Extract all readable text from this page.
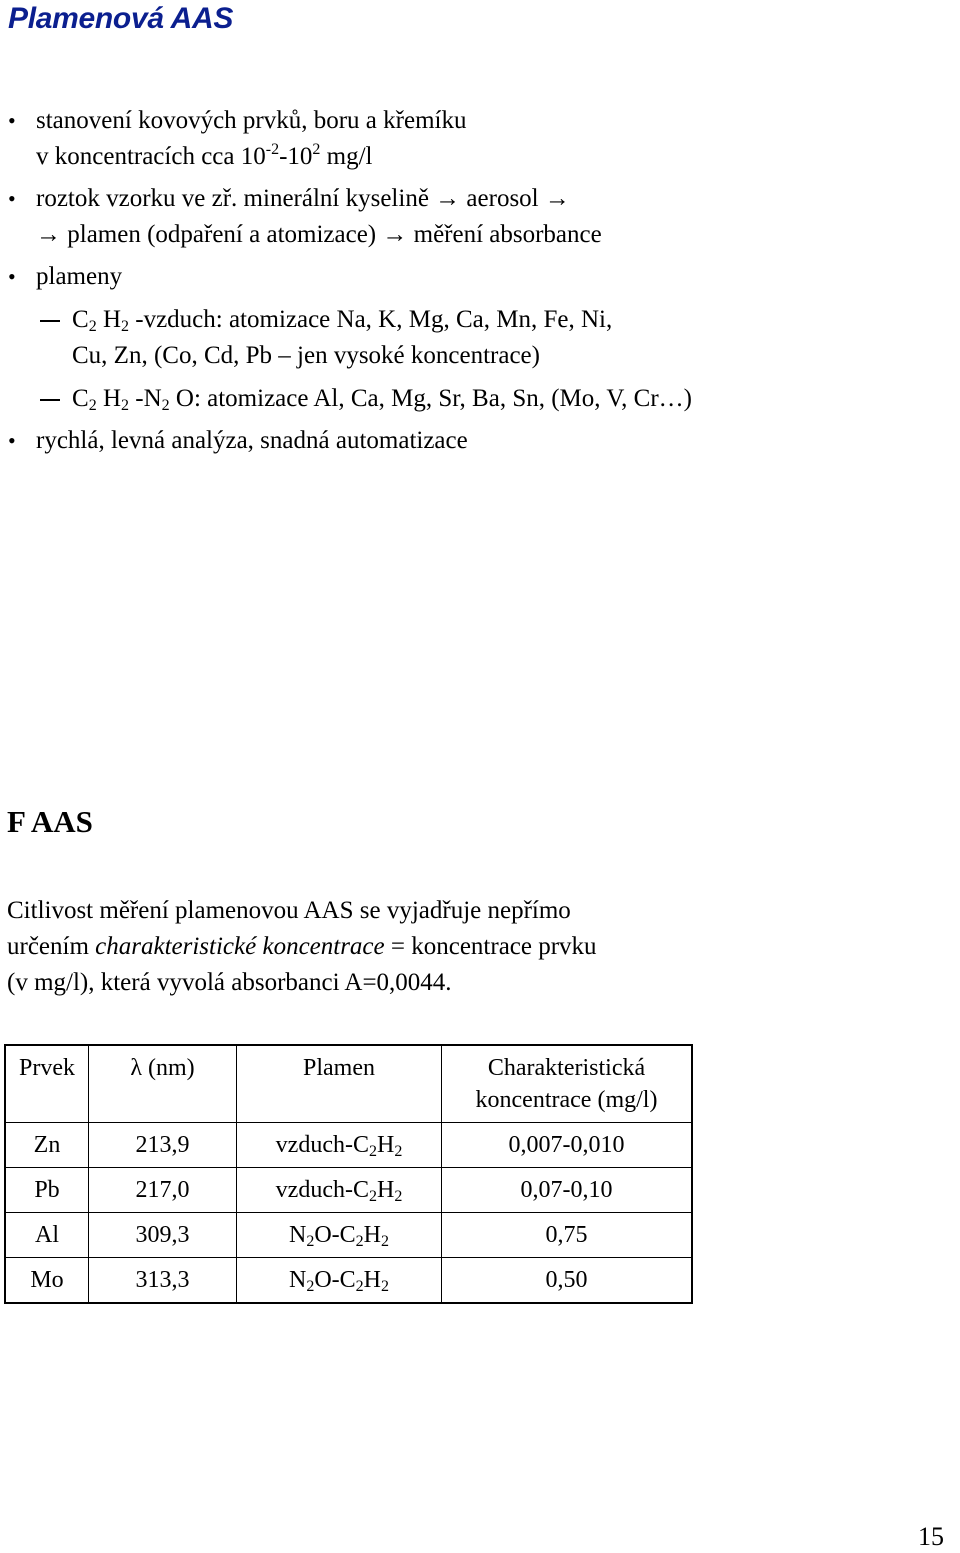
Plamenová AAS
• stanovení kovových prvků, boru a křemíku
v koncentracích cca $10^{-2}-10^2$ mg/l
• roztok vzorku ve zř. minerální kyselině → aerosol →
→ plamen (odpaření a atomizace) → měření absorbance
• plameny
$C_2$ $H_2$ -vzduch: atomizace Na, K, Mg, Ca, Mn, Fe, Ni,
Cu, Zn, (Co, Cd, Pb – jen vysoké koncentrace)
$C_2$ $H_2$ $-N_2$ O: atomizace Al, Ca, Mg, Sr, Ba, Sn, (Mo, V, Cr…)
• rychlá, levná analýza, snadná automatizace
F AAS
Citlivost měření plamenovou AAS se vyjadřuje nepřímo
určením charakteristické koncentrace = koncentrace prvku
(v mg/l), která vyvolá absorbanci A=0,0044.
Prvek	λ (nm)	Plamen	Charakteristická
koncentrace (mg/l)
Zn	213,9	vzduch-$C_2H_2$	0,007-0,010
Pb	217,0	vzduch-$C_2H_2$	0,07-0,10
Al	309,3	$N_2O-C_2H_2$	0,75
Mo	313,3	$N_2O-C_2H_2$	0,50
15
